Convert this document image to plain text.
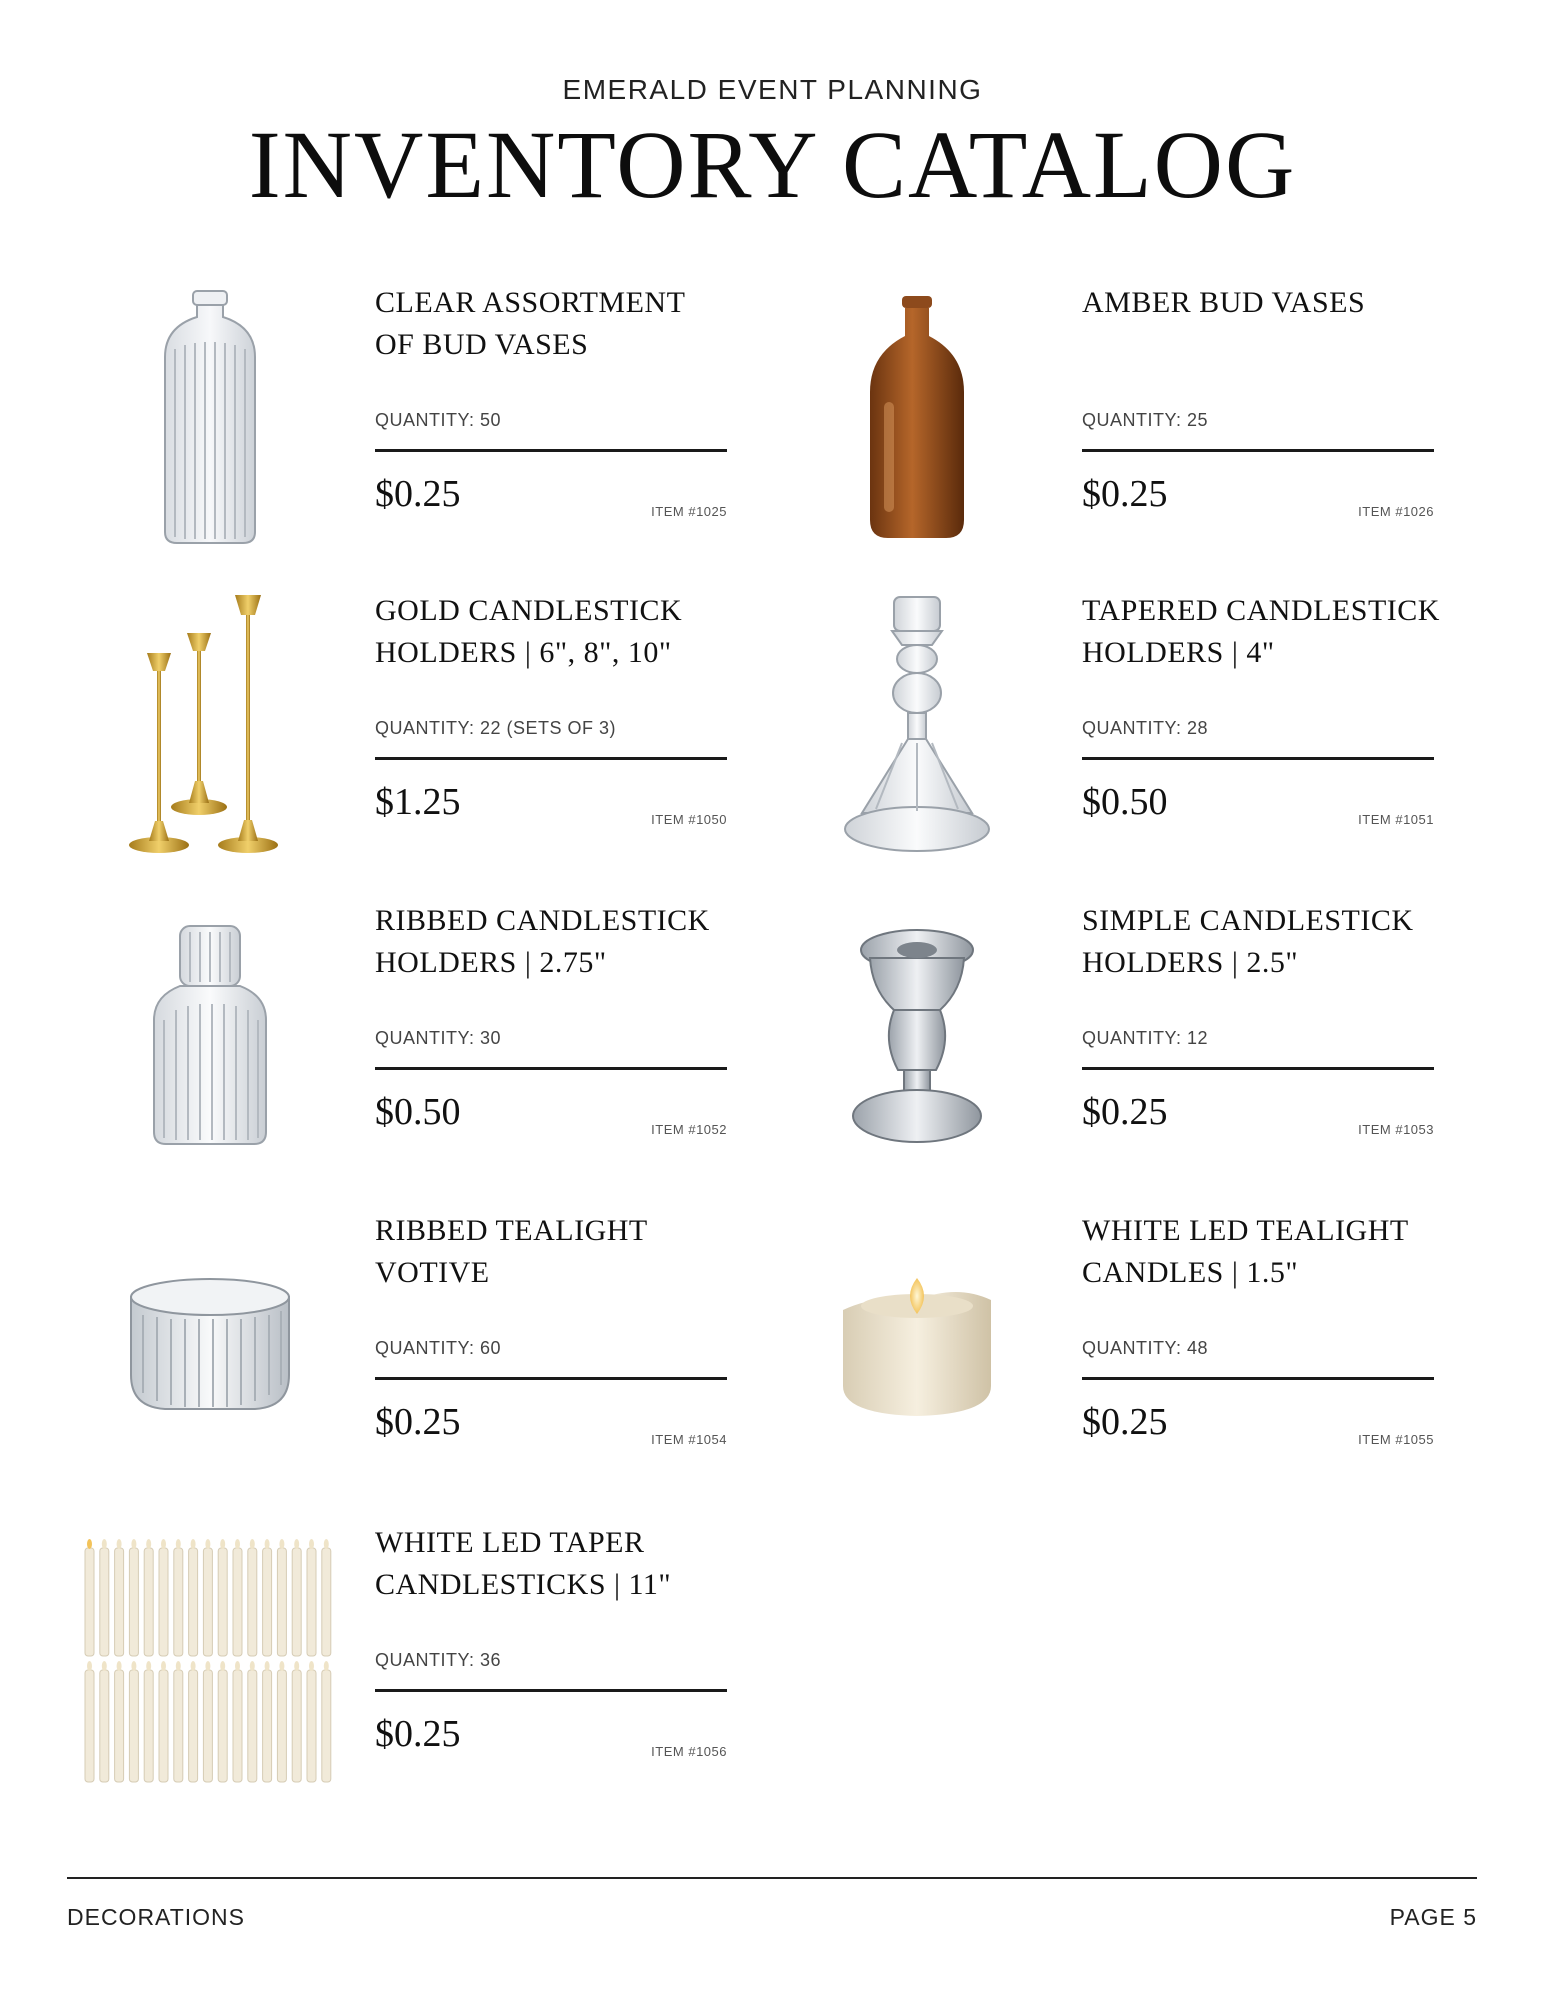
EMERALD EVENT PLANNING
INVENTORY CATALOG
CLEAR ASSORTMENT
OF BUD VASES
QUANTITY: 50
$0.25	ITEM #1025
AMBER BUD VASES
QUANTITY: 25
$0.25	ITEM #1026
GOLD CANDLESTICK
HOLDERS | 6", 8", 10"
QUANTITY: 22 (SETS OF 3)
$1.25	ITEM #1050
TAPERED CANDLESTICK
HOLDERS | 4"
QUANTITY: 28
$0.50	ITEM #1051
RIBBED CANDLESTICK
HOLDERS | 2.75"
QUANTITY: 30
$0.50	ITEM #1052
SIMPLE CANDLESTICK
HOLDERS | 2.5"
QUANTITY: 12
$0.25	ITEM #1053
RIBBED TEALIGHT
VOTIVE
QUANTITY: 60
$0.25	ITEM #1054
WHITE LED TEALIGHT
CANDLES | 1.5"
QUANTITY: 48
$0.25	ITEM #1055
WHITE LED TAPER
CANDLESTICKS | 11"
QUANTITY: 36
$0.25	ITEM #1056
DECORATIONS	PAGE 5
